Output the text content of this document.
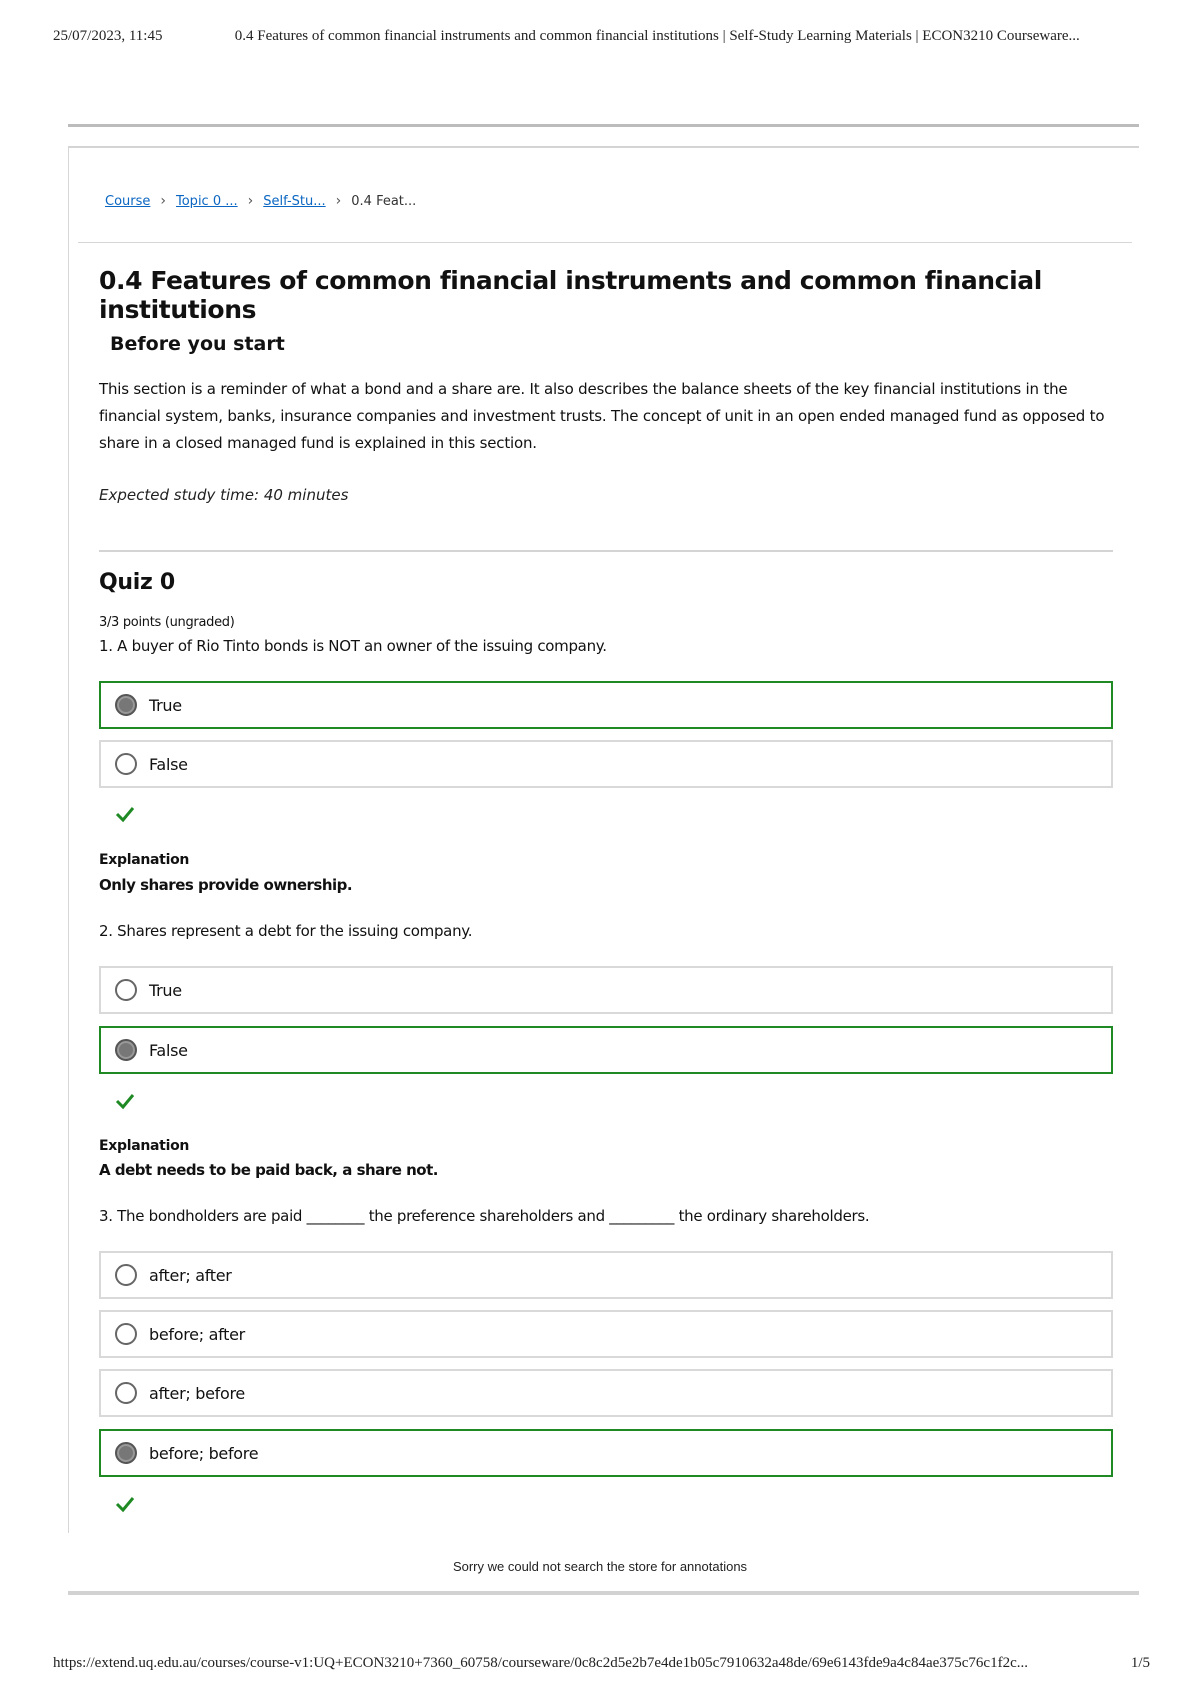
25/07/2023, 11:45	0.4 Features of common financial instruments and common financial institutions | Self-Study Learning Materials | ECON3210 Courseware...
Course › Topic 0 ... › Self-Stu... › 0.4 Feat...
0.4 Features of common financial instruments and common financial institutions
Before you start

This section is a reminder of what a bond and a share are. It also describes the balance sheets of the key financial institutions in the financial system, banks, insurance companies and investment trusts. The concept of unit in an open ended managed fund as opposed to share in a closed managed fund is explained in this section.

Expected study time: 40 minutes

Quiz 0
3/3 points (ungraded)

1. A buyer of Rio Tinto bonds is NOT an owner of the issuing company.

True
False
Explanation
Only shares provide ownership.

2. Shares represent a debt for the issuing company.

True
False
Explanation
A debt needs to be paid back, a share not.

3. The bondholders are paid ________ the preference shareholders and _________ the ordinary shareholders.

after; after
before; after
after; before
before; before
Sorry we could not search the store for annotations
https://extend.uq.edu.au/courses/course-v1:UQ+ECON3210+7360_60758/courseware/0c8c2d5e2b7e4de1b05c7910632a48de/69e6143fde9a4c84ae375c76c1f2c...	1/5
